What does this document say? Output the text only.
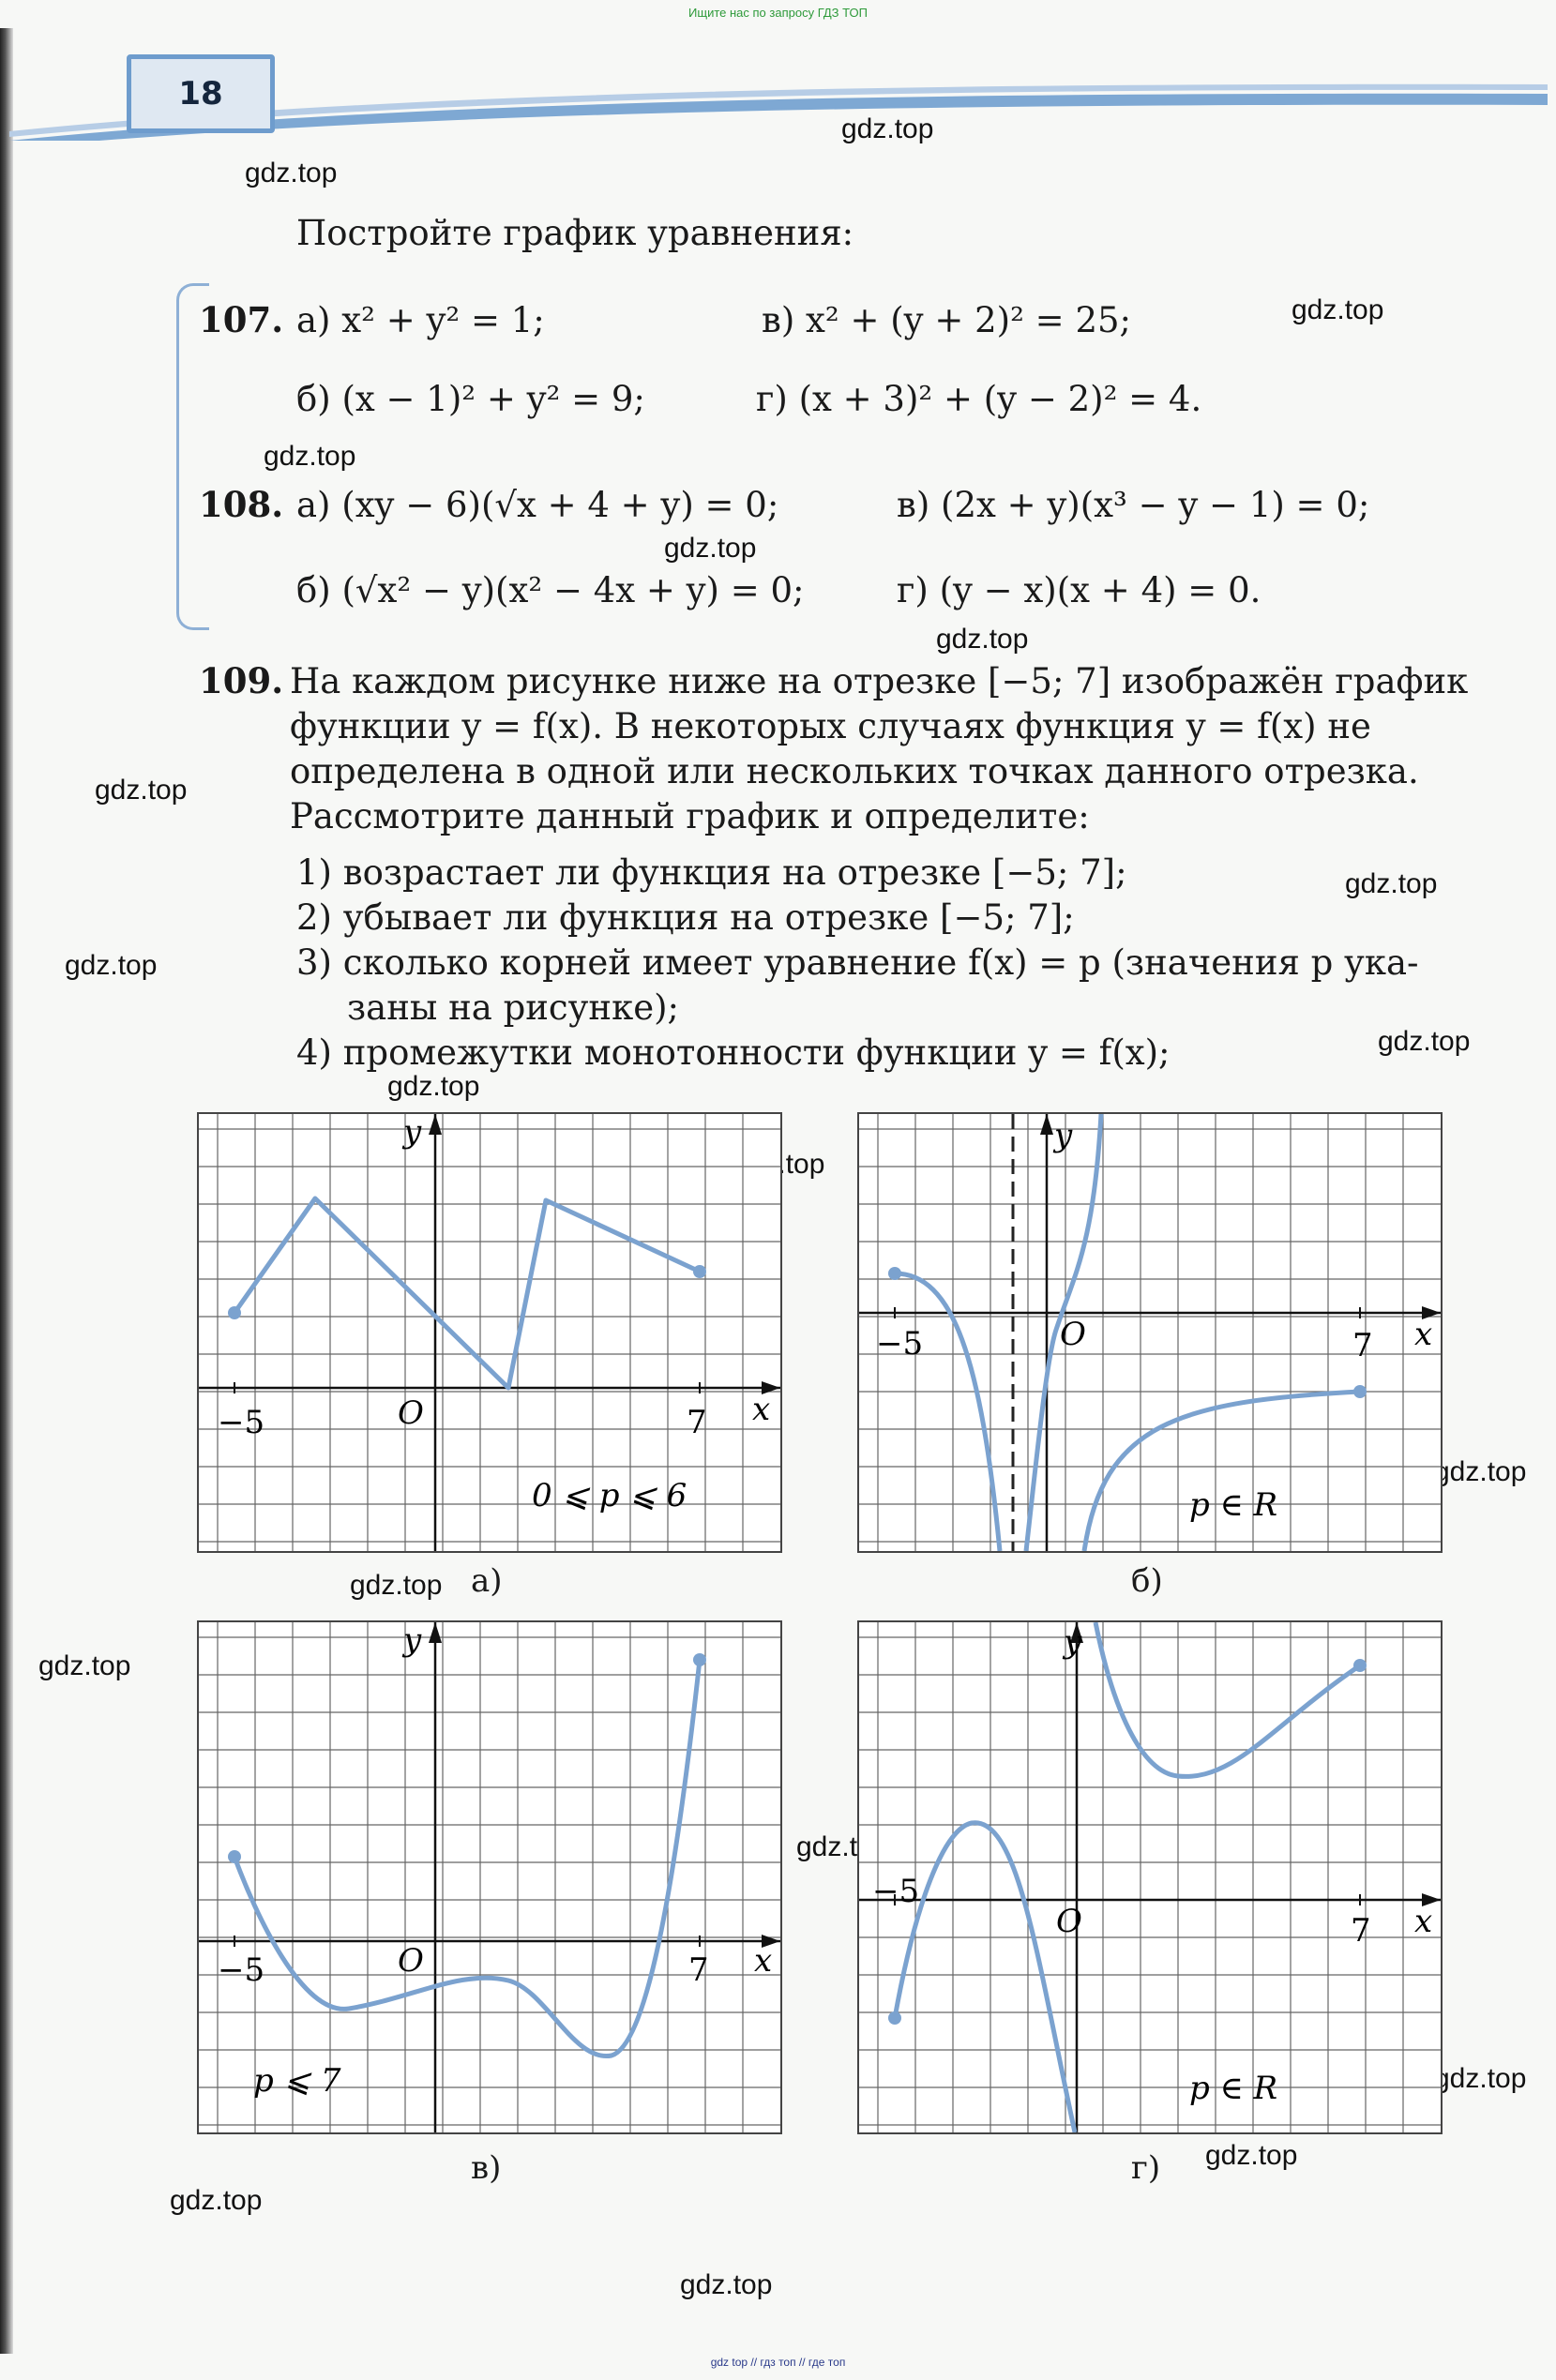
Ищите нас по запросу ГДЗ ТОП
18
gdz.top
gdz.top
gdz.top
gdz.top
gdz.top
gdz.top
gdz.top
gdz.top
gdz.top
gdz.top
gdz.top
gdz.top
gdz.top
gdz.top
gdz.top
gdz.top
gdz.top
gdz.top
gdz.top
gdz.top
Постройте график уравнения:
107. а) x² + y² = 1;	в) x² + (y + 2)² = 25;
б) (x − 1)² + y² = 9;	г) (x + 3)² + (y − 2)² = 4.
108. а) (xy − 6)(√x + 4 + y) = 0;	в) (2x + y)(x³ − y − 1) = 0;
б) (√x² − y)(x² − 4x + y) = 0;	г) (y − x)(x + 4) = 0.
109. На каждом рисунке ниже на отрезке [−5; 7] изображён график
функции y = f(x). В некоторых случаях функция y = f(x) не
определена в одной или нескольких точках данного отрезка.
Рассмотрите данный график и определите:
1) возрастает ли функция на отрезке [−5; 7];
2) убывает ли функция на отрезке [−5; 7];
3) сколько корней имеет уравнение f(x) = p (значения p ука-
заны на рисунке);
4) промежутки монотонности функции y = f(x);
−5	7
O	x
y
0 ⩽ p ⩽ 6
а)
−5	7
O	x
y
p ∈ R
б)
−5	7
O	x
y
p ⩽ 7
в)
−5
7
O	x
y
p ∈ R
г)
gdz top // гдз топ // где топ
